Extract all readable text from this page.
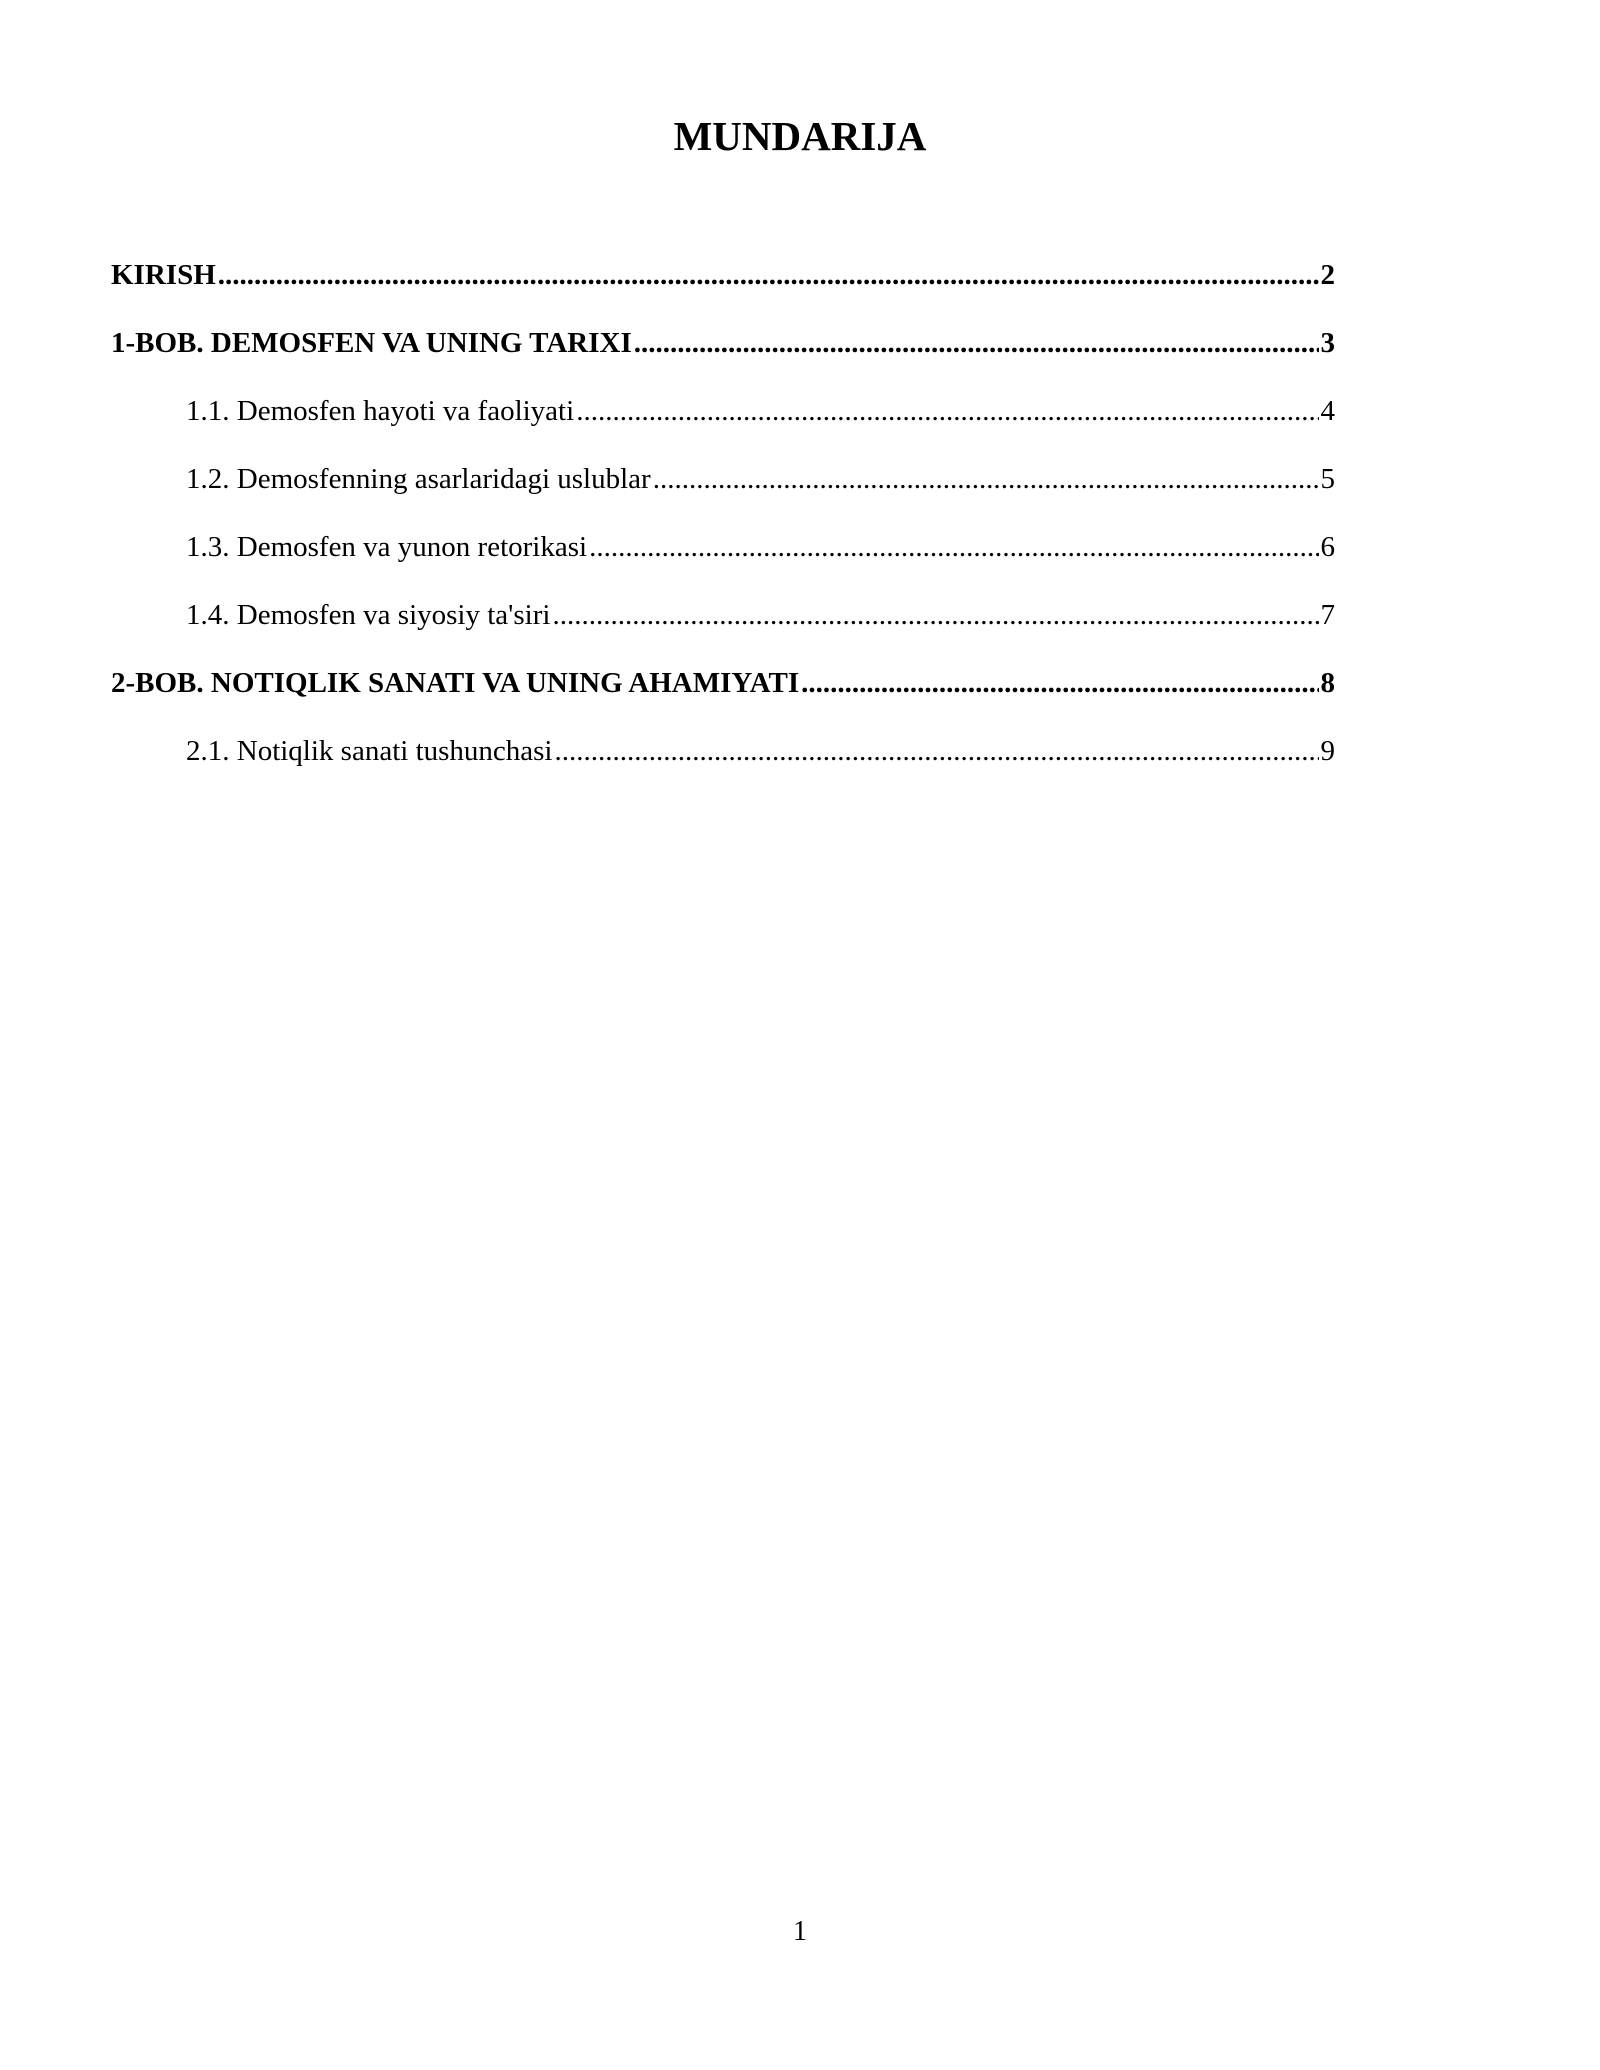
MUNDARIJA
KIRISH .....	2
1-BOB. DEMOSFEN VA UNING TARIXI .....	3
1.1. Demosfen hayoti va faoliyati .....	4
1.2. Demosfenning asarlaridagi uslublar .....	5
1.3. Demosfen va yunon retorikasi .....	6
1.4. Demosfen va siyosiy ta'siri .....	7
2-BOB. NOTIQLIK SANATI VA UNING AHAMIYATI .....	8
2.1. Notiqlik sanati tushunchasi .....	9
1
